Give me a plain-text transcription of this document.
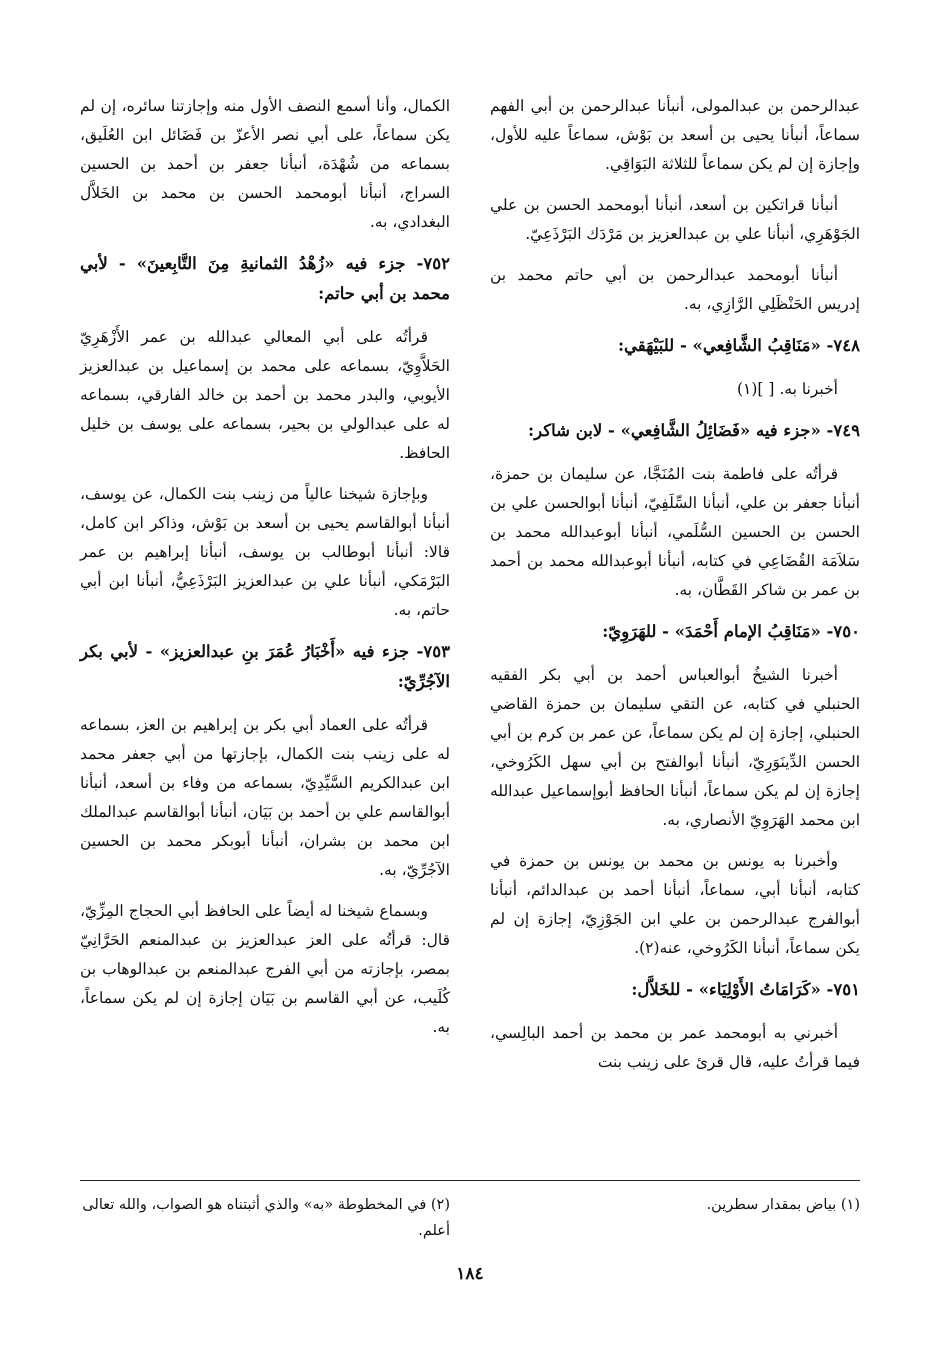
عبدالرحمن بن عبدالمولى، أنبأنا عبدالرحمن بن أبي الفهم سماعاً، أنبأنا يحيى بن أسعد بن بَوْش، سماعاً عليه للأول، وإجازة إن لم يكن سماعاً للثلاثة البَوَاقِي.

أنبأنا قراتكين بن أسعد، أنبأنا أبومحمد الحسن بن علي الجَوْهَرِي، أنبأنا علي بن عبدالعزيز بن مَرْدَك البَرْذَعِيّ.

أنبأنا أبومحمد عبدالرحمن بن أبي حاتم محمد بن إدريس الحَنْظَلِي الرَّازِي، به.

٧٤٨- «مَنَاقِبُ الشَّافِعي» - للبَيْهَقي:

أخبرنا به. [ ](١)

٧٤٩- «جزء فيه «فَضَائِلُ الشَّافِعي» - لابن شاكر:

قرأتُه على فاطمة بنت المُنَجَّا، عن سليمان بن حمزة، أنبأنا جعفر بن علي، أنبأنا السِّلَفِيّ، أنبأنا أبوالحسن علي بن الحسن بن الحسين السُّلَمي، أنبأنا أبوعبدالله محمد بن سَلاَمَة القُضَاعِي في كتابه، أنبأنا أبوعبدالله محمد بن أحمد بن عمر بن شاكر القَطَّان، به.

٧٥٠- «مَنَاقِبُ الإمام أَحْمَدَ» - للهَرَوِيّ:

أخبرنا الشيخُ أبوالعباس أحمد بن أبي بكر الفقيه الحنبلي في كتابه، عن التقي سليمان بن حمزة القاضي الحنبلي، إجازة إن لم يكن سماعاً، عن عمر بن كرم بن أبي الحسن الدِّينَوَرِيّ، أنبأنا أبوالفتح بن أبي سهل الكَرُوخي، إجازة إن لم يكن سماعاً، أنبأنا الحافظ أبوإسماعيل عبدالله ابن محمد الهَرَوِيّ الأنصاري، به.

وأخبرنا به يونس بن محمد بن يونس بن حمزة في كتابه، أنبأنا أبي، سماعاً، أنبأنا أحمد بن عبدالدائم، أنبأنا أبوالفرج عبدالرحمن بن علي ابن الجَوْزِيّ، إجازة إن لم يكن سماعاً، أنبأنا الكَرُوخي، عنه(٢).

٧٥١- «كَرَامَاتُ الأَوْلِيَاء» - للخَلاَّل:

أخبرني به أبومحمد عمر بن محمد بن أحمد البالِسي، فيما قرأتُ عليه، قال قرئ على زينب بنت

الكمال، وأنا أسمع النصف الأول منه وإجازتنا سائره، إن لم يكن سماعاً، على أبي نصر الأعزّ بن فَضَائل ابن العُلَيق، بسماعه من شُهْدَة، أنبأنا جعفر بن أحمد بن الحسين السراج، أنبأنا أبومحمد الحسن بن محمد بن الخَلاَّل البغدادي، به.

٧٥٢- جزء فيه «زُهْدُ الثمانيةِ مِنَ التَّابِعينَ» - لأبي محمد بن أبي حاتم:

قرأتُه على أبي المعالي عبدالله بن عمر الأَزْهَرِيّ الحَلاَّوِيّ، بسماعه على محمد بن إسماعيل بن عبدالعزيز الأيوبي، والبدر محمد بن أحمد بن خالد الفارقي، بسماعه له على عبدالولي بن بحير، بسماعه على يوسف بن خليل الحافظ.

وبإجازة شيخنا عالياً من زينب بنت الكمال، عن يوسف، أنبأنا أبوالقاسم يحيى بن أسعد بن بَوْش، وذاكر ابن كامل، قالا: أنبأنا أبوطالب بن يوسف، أنبأنا إبراهيم بن عمر البَرْمَكي، أنبأنا علي بن عبدالعزيز البَرْذَعِيُّ، أنبأنا ابن أبي حاتم، به.

٧٥٣- جزء فيه «أَخْبَارُ عُمَرَ بنِ عبدالعزيز» - لأبي بكر الآجُرِّيّ:

قرأتُه على العماد أبي بكر بن إبراهيم بن العز، بسماعه له على زينب بنت الكمال، بإجازتها من أبي جعفر محمد ابن عبدالكريم السَّيِّدِيّ، بسماعه من وفاء بن أسعد، أنبأنا أبوالقاسم علي بن أحمد بن بَيَان، أنبأنا أبوالقاسم عبدالملك ابن محمد بن بشران، أنبأنا أبوبكر محمد بن الحسين الآجُرِّيّ، به.

وبسماع شيخنا له أيضاً على الحافظ أبي الحجاج المِزِّيّ، قال: قرأتُه على العز عبدالعزيز بن عبدالمنعم الحَرَّانِيّ بمصر، بإجازته من أبي الفرج عبدالمنعم بن عبدالوهاب بن كُلَيب، عن أبي القاسم بن بَيَان إجازة إن لم يكن سماعاً، به.

(١) بياض بمقدار سطرين.

(٢) في المخطوطة «به» والذي أثبتناه هو الصواب، والله تعالى أعلم.

١٨٤
